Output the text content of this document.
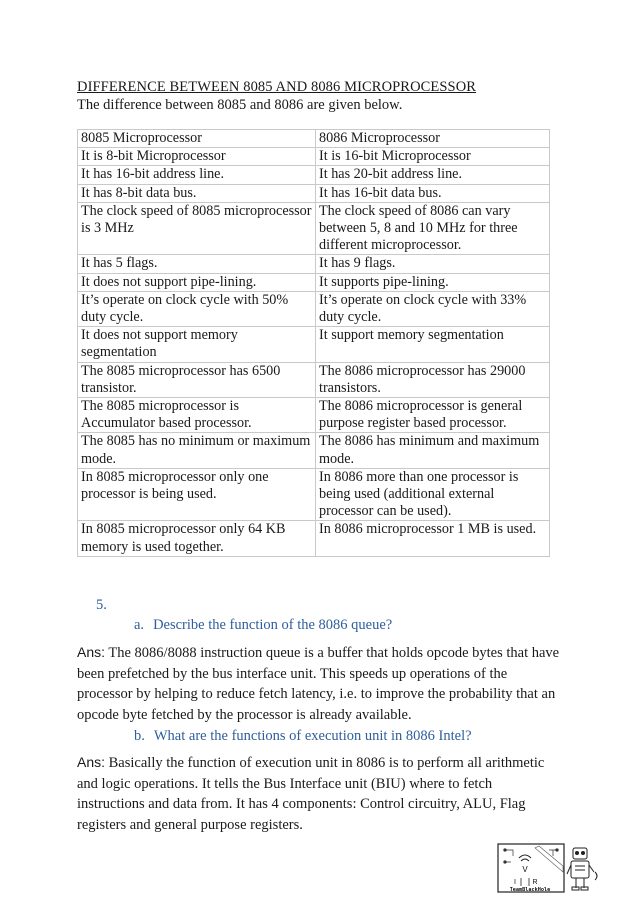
DIFFERENCE BETWEEN 8085 AND 8086 MICROPROCESSOR
The difference between 8085 and 8086 are given below.
8085 Microprocessor	8086 Microprocessor
It is 8-bit Microprocessor	It is 16-bit Microprocessor
It has 16-bit address line.	It has 20-bit address line.
It has 8-bit data bus.	It has 16-bit data bus.
The clock speed of 8085 microprocessor is 3 MHz	The clock speed of 8086 can vary between 5, 8 and 10 MHz for three different microprocessor.
It has 5 flags.	It has 9 flags.
It does not support pipe-lining.	It supports pipe-lining.
It’s operate on clock cycle with 50% duty cycle.	It’s operate on clock cycle with 33% duty cycle.
It does not support memory segmentation	It support memory segmentation
The 8085 microprocessor has 6500 transistor.	The 8086 microprocessor has 29000 transistors.
The 8085 microprocessor is Accumulator based processor.	The 8086 microprocessor is general purpose register based processor.
The 8085 has no minimum or maximum mode.	The 8086 has minimum and maximum mode.
In 8085 microprocessor only one processor is being used.	In 8086 more than one processor is being used (additional external processor can be used).
In 8085 microprocessor only 64 KB memory is used together.	In 8086 microprocessor 1 MB is used.
5.
a. Describe the function of the 8086 queue?
Ans: The 8086/8088 instruction queue is a buffer that holds opcode bytes that have been prefetched by the bus interface unit. This speeds up operations of the processor by helping to reduce fetch latency, i.e. to improve the probability that an opcode byte fetched by the processor is already available.
b. What are the functions of execution unit in 8086 Intel?
Ans: Basically the function of execution unit in 8086 is to perform all arithmetic and logic operations. It tells the Bus Interface unit (BIU) where to fetch instructions and data from. It has 4 components: Control circuitry, ALU, Flag registers and general purpose registers.
V
I R
TeamBlackHole
